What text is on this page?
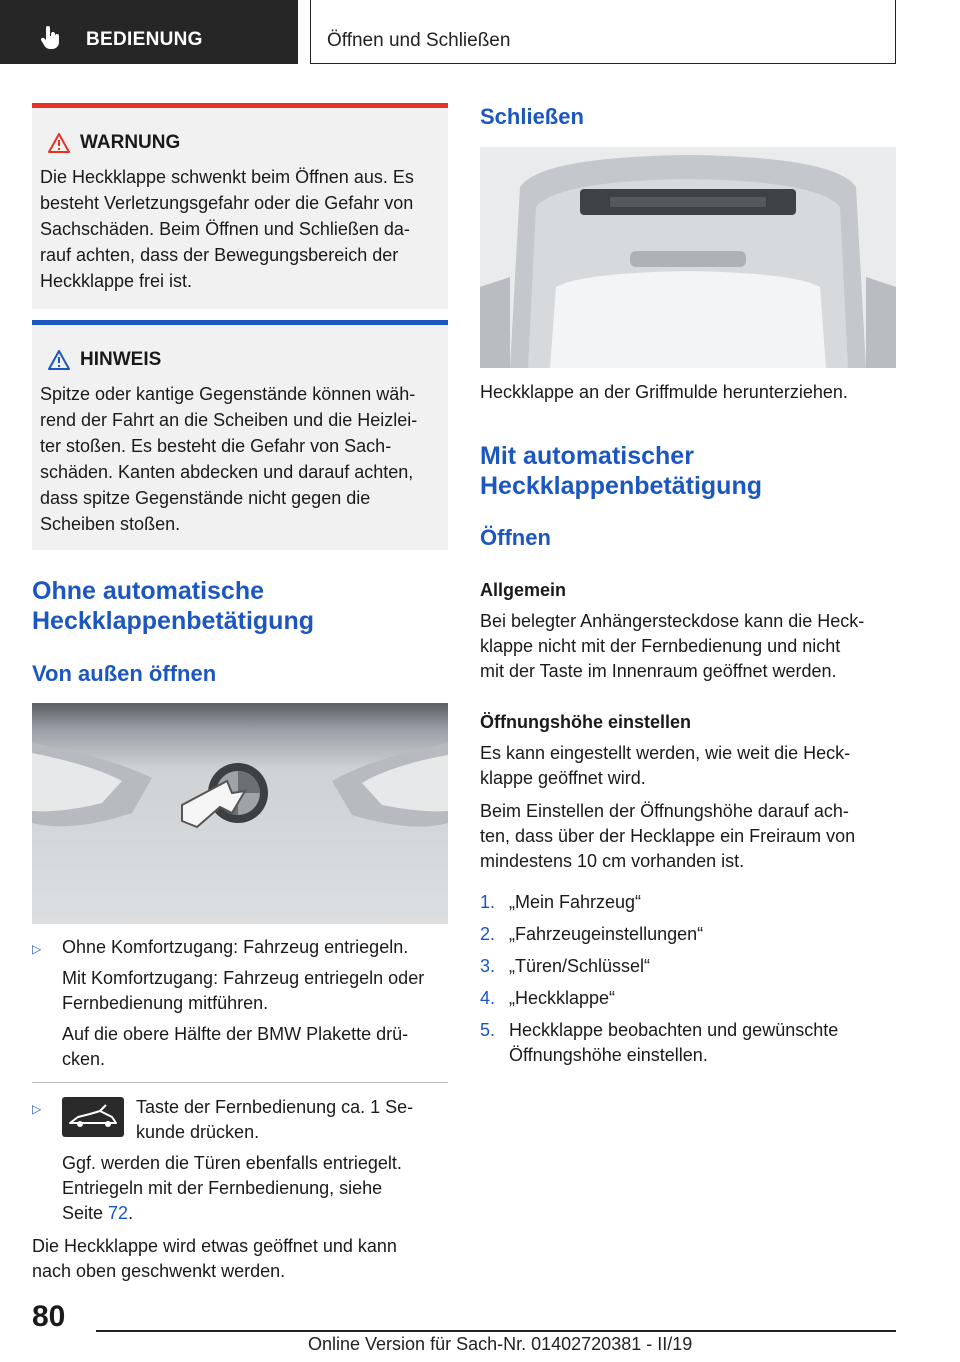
BEDIENUNG	Öffnen und Schließen
WARNUNG

Die Heckklappe schwenkt beim Öffnen aus. Es
besteht Verletzungsgefahr oder die Gefahr von
Sachschäden. Beim Öffnen und Schließen da-
rauf achten, dass der Bewegungsbereich der
Heckklappe frei ist.

HINWEIS

Spitze oder kantige Gegenstände können wäh-
rend der Fahrt an die Scheiben und die Heizlei-
ter stoßen. Es besteht die Gefahr von Sach-
schäden. Kanten abdecken und darauf achten,
dass spitze Gegenstände nicht gegen die
Scheiben stoßen.

Ohne automatische
Heckklappenbetätigung
Von außen öffnen
▷ Ohne Komfortzugang: Fahrzeug entriegeln.
Mit Komfortzugang: Fahrzeug entriegeln oder
Fernbedienung mitführen.
Auf die obere Hälfte der BMW Plakette drü-
cken.
▷	Taste der Fernbedienung ca. 1 Se-
kunde drücken.
Ggf. werden die Türen ebenfalls entriegelt.
Entriegeln mit der Fernbedienung, siehe
Seite 72.
Die Heckklappe wird etwas geöffnet und kann
nach oben geschwenkt werden.
Schließen
Heckklappe an der Griffmulde herunterziehen.
Mit automatischer
Heckklappenbetätigung
Öffnen
Allgemein
Bei belegter Anhängersteckdose kann die Heck-
klappe nicht mit der Fernbedienung und nicht
mit der Taste im Innenraum geöffnet werden.
Öffnungshöhe einstellen
Es kann eingestellt werden, wie weit die Heck-
klappe geöffnet wird.
Beim Einstellen der Öffnungshöhe darauf ach-
ten, dass über der Hecklappe ein Freiraum von
mindestens 10 cm vorhanden ist.
1. „Mein Fahrzeug“
2. „Fahrzeugeinstellungen“
3. „Türen/Schlüssel“
4. „Heckklappe“
5. Heckklappe beobachten und gewünschte
Öffnungshöhe einstellen.
80
Online Version für Sach-Nr. 01402720381 - II/19
